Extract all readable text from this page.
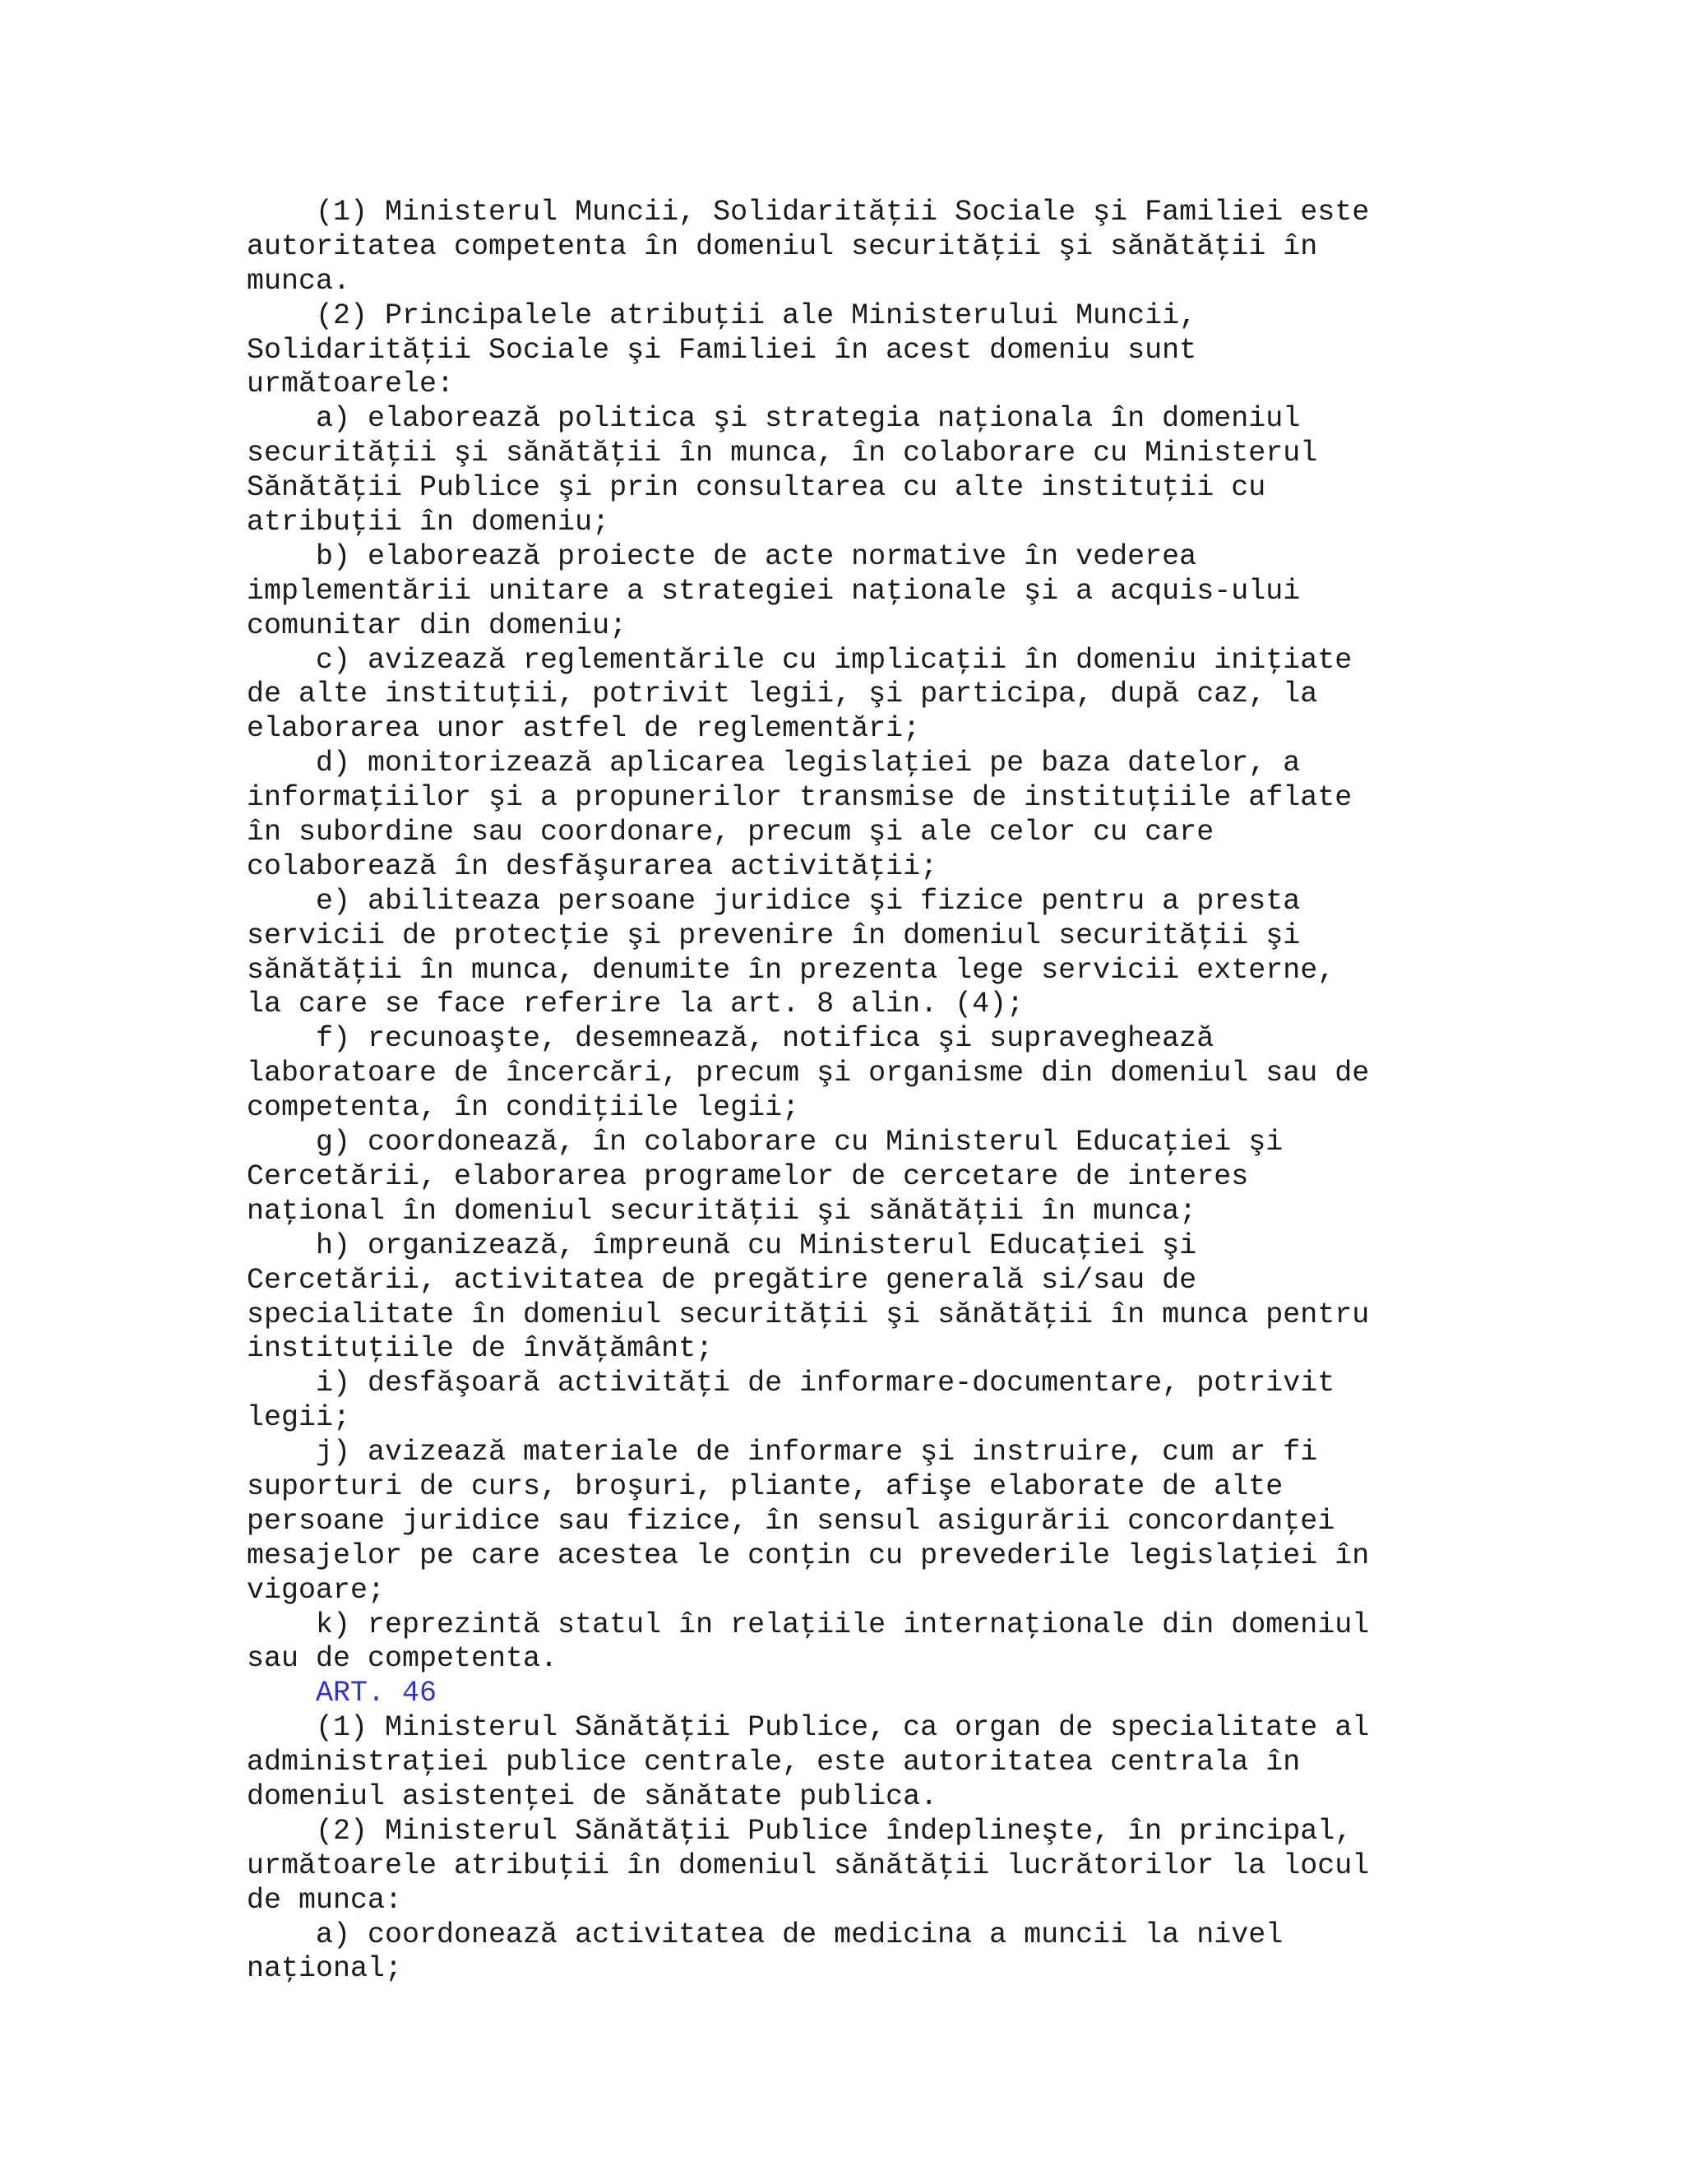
(1) Ministerul Muncii, Solidarităţii Sociale şi Familiei este
autoritatea competenta în domeniul securităţii şi sănătăţii în
munca.
(2) Principalele atribuţii ale Ministerului Muncii,
Solidarităţii Sociale şi Familiei în acest domeniu sunt
următoarele:
a) elaborează politica şi strategia naţionala în domeniul
securităţii şi sănătăţii în munca, în colaborare cu Ministerul
Sănătăţii Publice şi prin consultarea cu alte instituţii cu
atribuţii în domeniu;
b) elaborează proiecte de acte normative în vederea
implementării unitare a strategiei naţionale şi a acquis-ului
comunitar din domeniu;
c) avizează reglementările cu implicaţii în domeniu iniţiate
de alte instituţii, potrivit legii, şi participa, după caz, la
elaborarea unor astfel de reglementări;
d) monitorizează aplicarea legislaţiei pe baza datelor, a
informaţiilor şi a propunerilor transmise de instituţiile aflate
în subordine sau coordonare, precum şi ale celor cu care
colaborează în desfăşurarea activităţii;
e) abiliteaza persoane juridice şi fizice pentru a presta
servicii de protecţie şi prevenire în domeniul securităţii şi
sănătăţii în munca, denumite în prezenta lege servicii externe,
la care se face referire la art. 8 alin. (4);
f) recunoaşte, desemnează, notifica şi supraveghează
laboratoare de încercări, precum şi organisme din domeniul sau de
competenta, în condiţiile legii;
g) coordonează, în colaborare cu Ministerul Educaţiei şi
Cercetării, elaborarea programelor de cercetare de interes
naţional în domeniul securităţii şi sănătăţii în munca;
h) organizează, împreună cu Ministerul Educaţiei şi
Cercetării, activitatea de pregătire generală si/sau de
specialitate în domeniul securităţii şi sănătăţii în munca pentru
instituţiile de învăţământ;
i) desfăşoară activităţi de informare-documentare, potrivit
legii;
j) avizează materiale de informare şi instruire, cum ar fi
suporturi de curs, broşuri, pliante, afişe elaborate de alte
persoane juridice sau fizice, în sensul asigurării concordanţei
mesajelor pe care acestea le conţin cu prevederile legislaţiei în
vigoare;
k) reprezintă statul în relaţiile internaţionale din domeniul
sau de competenta.
ART. 46
(1) Ministerul Sănătăţii Publice, ca organ de specialitate al
administraţiei publice centrale, este autoritatea centrala în
domeniul asistenţei de sănătate publica.
(2) Ministerul Sănătăţii Publice îndeplineşte, în principal,
următoarele atribuţii în domeniul sănătăţii lucrătorilor la locul
de munca:
a) coordonează activitatea de medicina a muncii la nivel
naţional;
